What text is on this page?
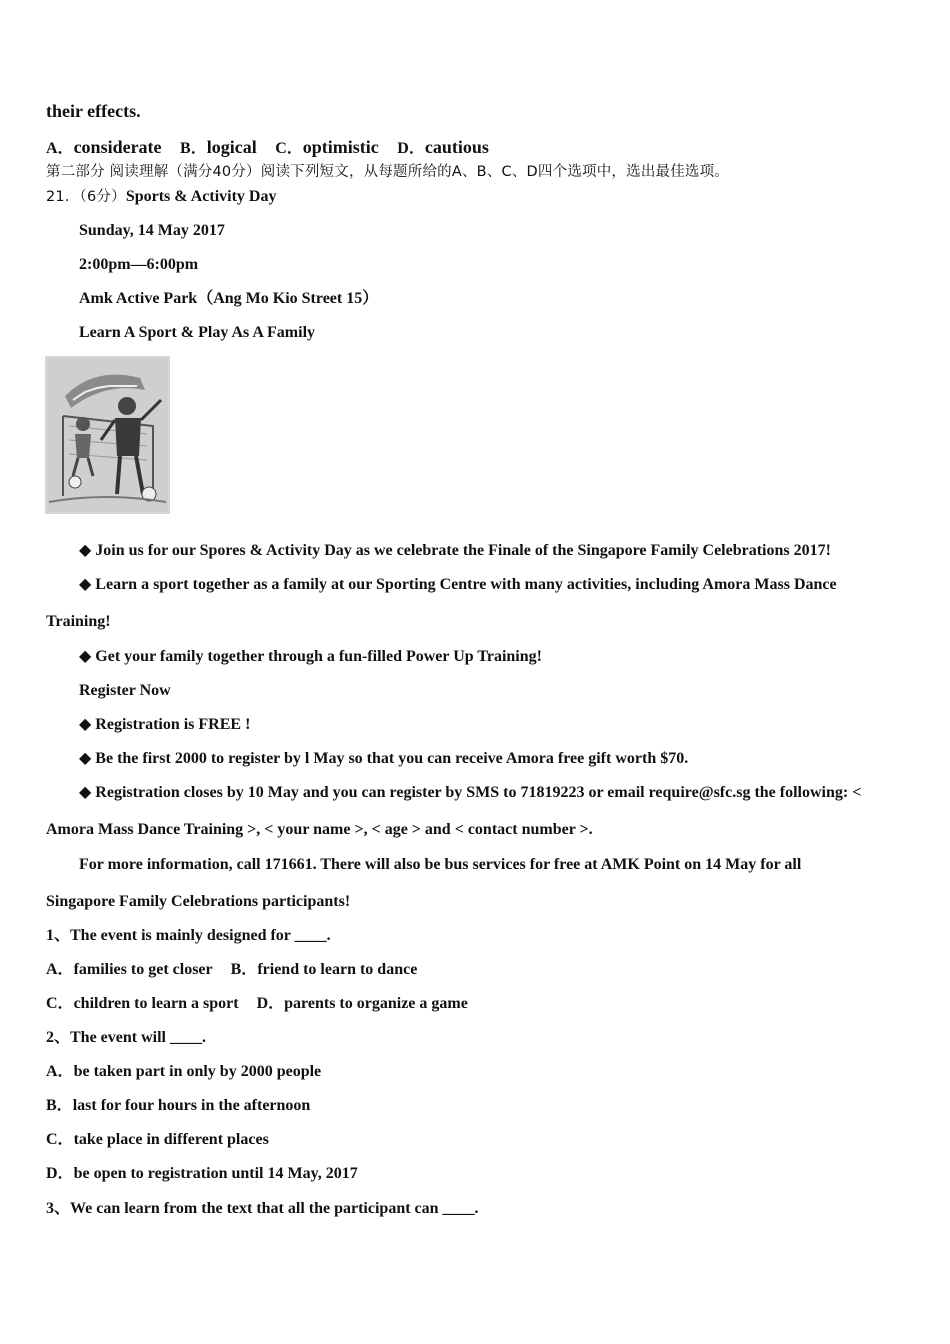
their effects.
A．considerate B．logical C．optimistic D．cautious
第二部分 阅读理解（满分40分）阅读下列短文，从每题所给的A、B、C、D四个选项中，选出最佳选项。
21．（6分）Sports & Activity Day
Sunday, 14 May 2017
2:00pm—6:00pm
Amk Active Park（Ang Mo Kio Street 15）
Learn A Sport & Play As A Family
◆ Join us for our Spores & Activity Day as we celebrate the Finale of the Singapore Family Celebrations 2017!
◆ Learn a sport together as a family at our Sporting Centre with many activities, including Amora Mass Dance
Training!
◆ Get your family together through a fun-filled Power Up Training!
Register Now
◆ Registration is FREE !
◆ Be the first 2000 to register by l May so that you can receive Amora free gift worth $70.
◆ Registration closes by 10 May and you can register by SMS to 71819223 or email require@sfc.sg the following: <
Amora Mass Dance Training >, < your name >, < age > and < contact number >.
For more information, call 171661. There will also be bus services for free at AMK Point on 14 May for all
Singapore Family Celebrations participants!
1、The event is mainly designed for ____.
A．families to get closer B．friend to learn to dance
C．children to learn a sport D．parents to organize a game
2、The event will ____.
A．be taken part in only by 2000 people
B．last for four hours in the afternoon
C．take place in different places
D．be open to registration until 14 May, 2017
3、We can learn from the text that all the participant can ____.
